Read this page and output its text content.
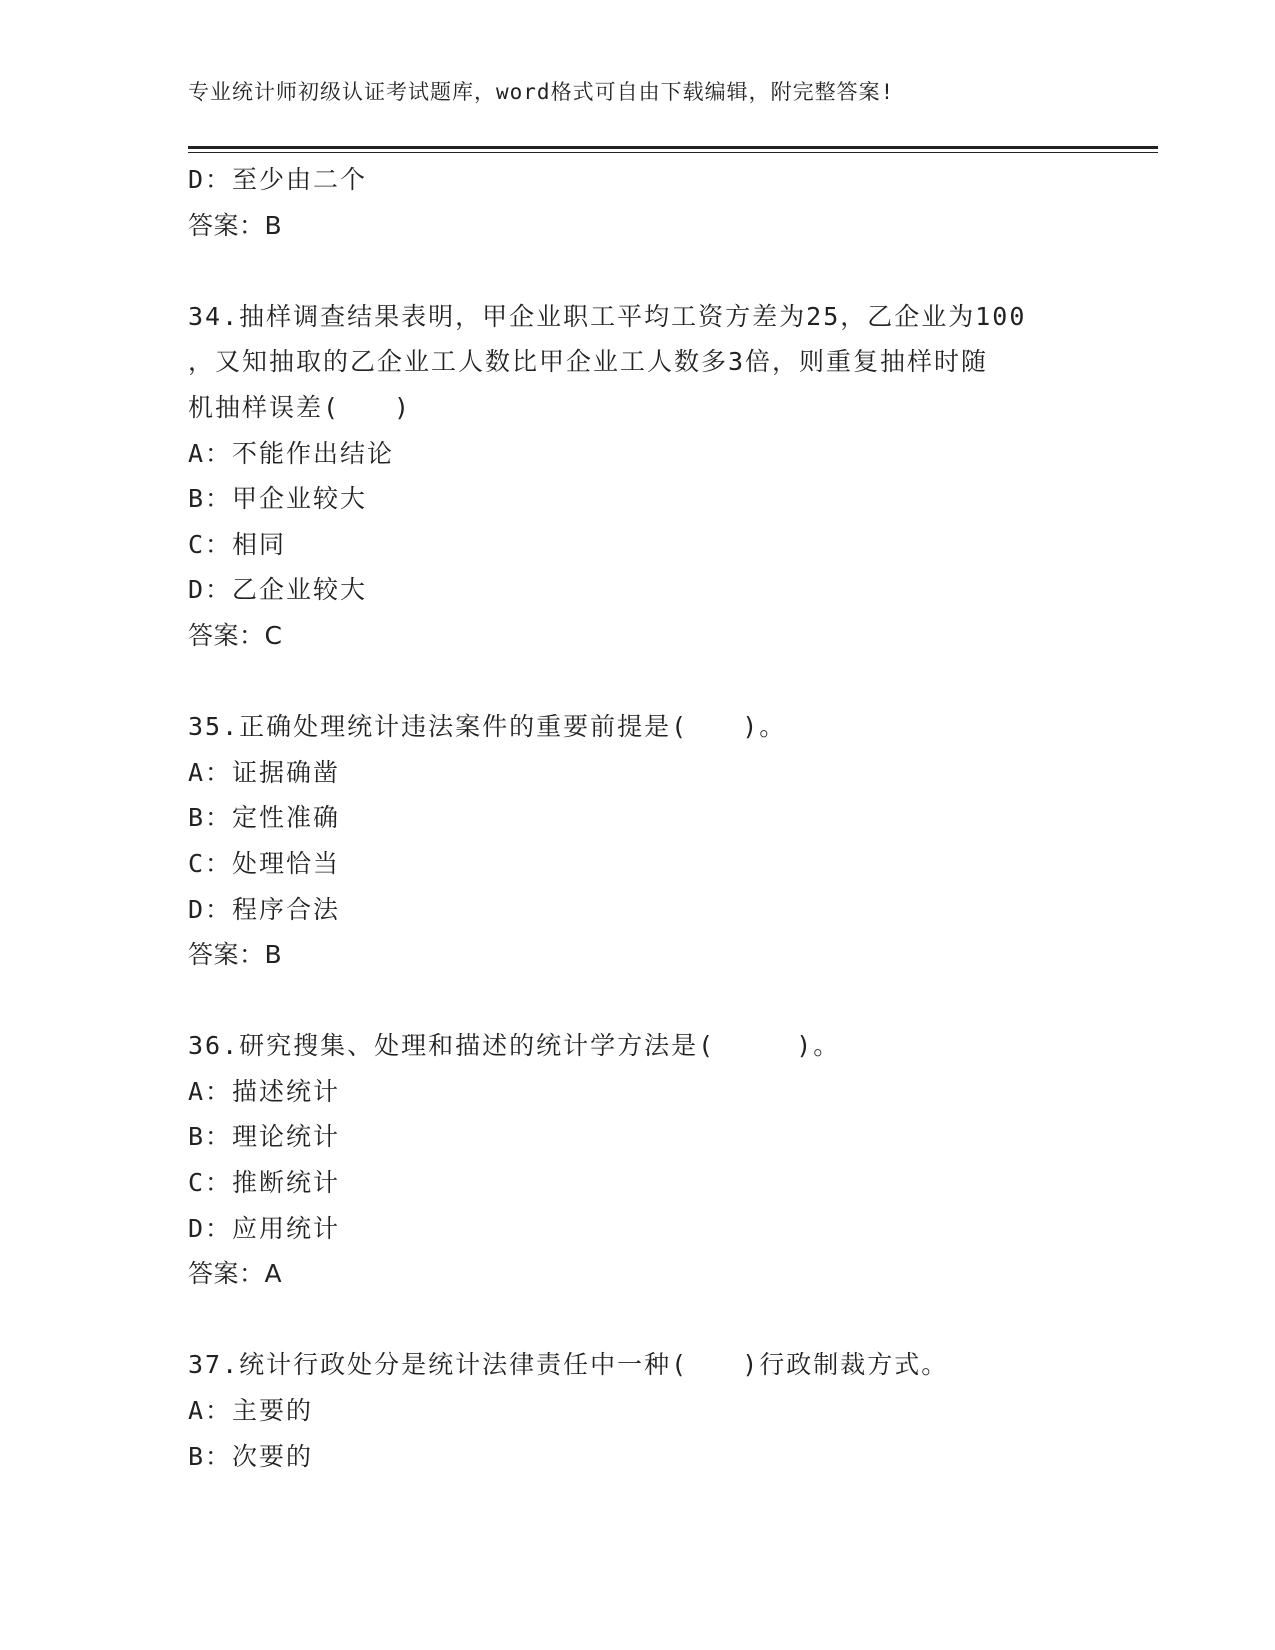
专业统计师初级认证考试题库，word格式可自由下载编辑，附完整答案!
D：至少由二个
答案：B
34.抽样调查结果表明，甲企业职工平均工资方差为25，乙企业为100
，又知抽取的乙企业工人数比甲企业工人数多3倍，则重复抽样时随
机抽样误差(　　)
A：不能作出结论
B：甲企业较大
C：相同
D：乙企业较大
答案：C
35.正确处理统计违法案件的重要前提是(　　)。
A：证据确凿
B：定性准确
C：处理恰当
D：程序合法
答案：B
36.研究搜集、处理和描述的统计学方法是(　　　)。
A：描述统计
B：理论统计
C：推断统计
D：应用统计
答案：A
37.统计行政处分是统计法律责任中一种(　　)行政制裁方式。
A：主要的
B：次要的
